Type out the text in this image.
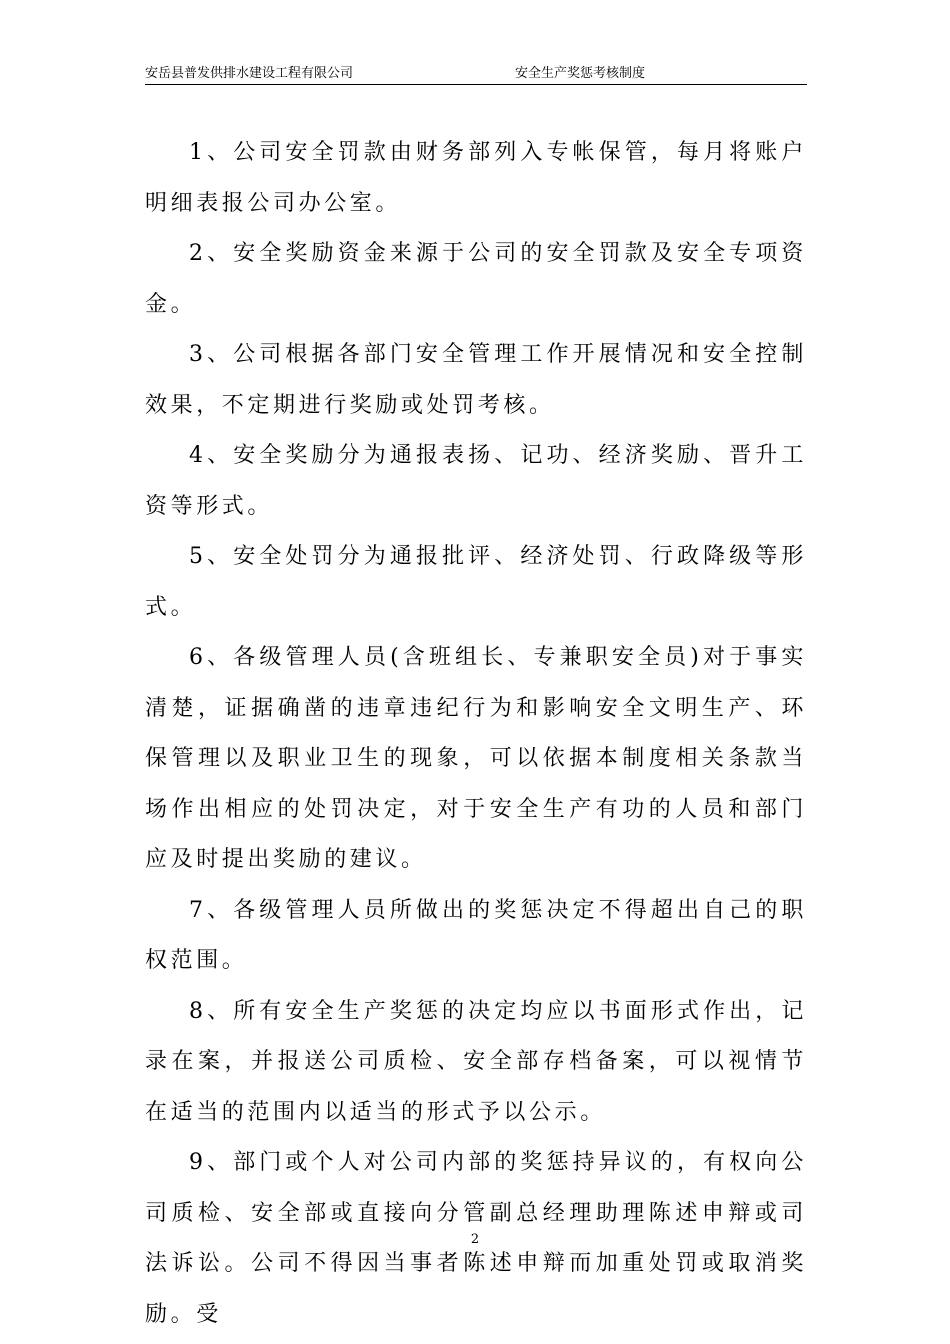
安岳县普发供排水建设工程有限公司	安全生产奖惩考核制度

1、公司安全罚款由财务部列入专帐保管，每月将账户明细表报公司办公室。

2、安全奖励资金来源于公司的安全罚款及安全专项资金。

3、公司根据各部门安全管理工作开展情况和安全控制效果，不定期进行奖励或处罚考核。

4、安全奖励分为通报表扬、记功、经济奖励、晋升工资等形式。

5、安全处罚分为通报批评、经济处罚、行政降级等形式。

6、各级管理人员(含班组长、专兼职安全员)对于事实清楚，证据确凿的违章违纪行为和影响安全文明生产、环保管理以及职业卫生的现象，可以依据本制度相关条款当场作出相应的处罚决定，对于安全生产有功的人员和部门应及时提出奖励的建议。

7、各级管理人员所做出的奖惩决定不得超出自己的职权范围。

8、所有安全生产奖惩的决定均应以书面形式作出，记录在案，并报送公司质检、安全部存档备案，可以视情节在适当的范围内以适当的形式予以公示。

9、部门或个人对公司内部的奖惩持异议的，有权向公司质检、安全部或直接向分管副总经理助理陈述申辩或司法诉讼。公司不得因当事者陈述申辩而加重处罚或取消奖励。受

2
